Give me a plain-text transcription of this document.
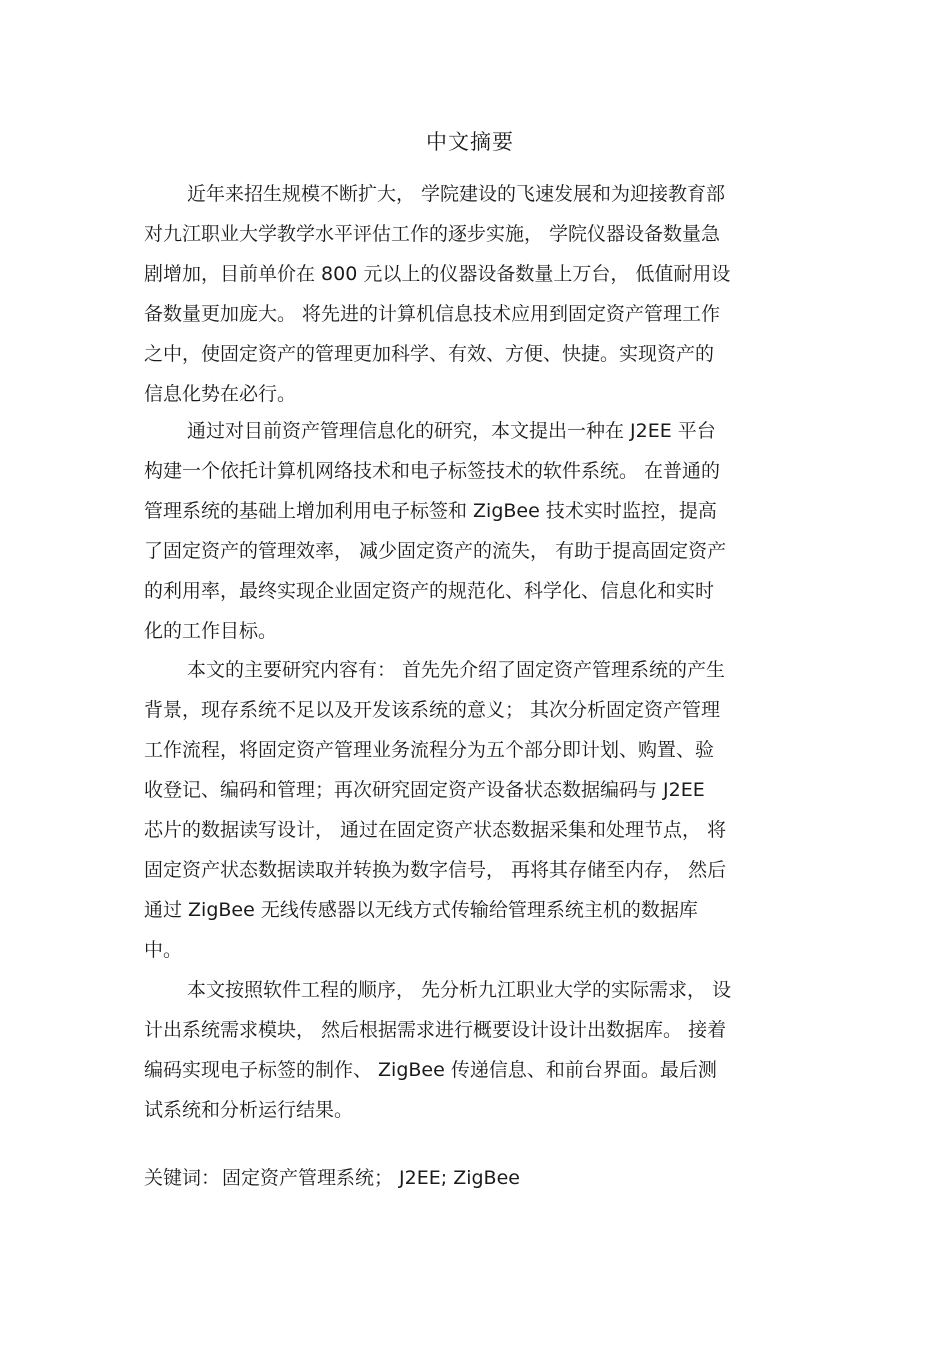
中文摘要
近年来招生规模不断扩大， 学院建设的飞速发展和为迎接教育部
对九江职业大学教学水平评估工作的逐步实施， 学院仪器设备数量急
剧增加，目前单价在 800 元以上的仪器设备数量上万台， 低值耐用设
备数量更加庞大。 将先进的计算机信息技术应用到固定资产管理工作
之中，使固定资产的管理更加科学、有效、方便、快捷。实现资产的
信息化势在必行。
通过对目前资产管理信息化的研究，本文提出一种在 J2EE 平台
构建一个依托计算机网络技术和电子标签技术的软件系统。 在普通的
管理系统的基础上增加利用电子标签和 ZigBee 技术实时监控，提高
了固定资产的管理效率， 减少固定资产的流失， 有助于提高固定资产
的利用率，最终实现企业固定资产的规范化、科学化、信息化和实时
化的工作目标。
本文的主要研究内容有： 首先先介绍了固定资产管理系统的产生
背景，现存系统不足以及开发该系统的意义； 其次分析固定资产管理
工作流程，将固定资产管理业务流程分为五个部分即计划、购置、验
收登记、编码和管理；再次研究固定资产设备状态数据编码与 J2EE
芯片的数据读写设计， 通过在固定资产状态数据采集和处理节点， 将
固定资产状态数据读取并转换为数字信号， 再将其存储至内存， 然后
通过 ZigBee 无线传感器以无线方式传输给管理系统主机的数据库
中。
本文按照软件工程的顺序， 先分析九江职业大学的实际需求， 设
计出系统需求模块， 然后根据需求进行概要设计设计出数据库。 接着
编码实现电子标签的制作、 ZigBee 传递信息、和前台界面。最后测
试系统和分析运行结果。
关键词： 固定资产管理系统； J2EE; ZigBee
